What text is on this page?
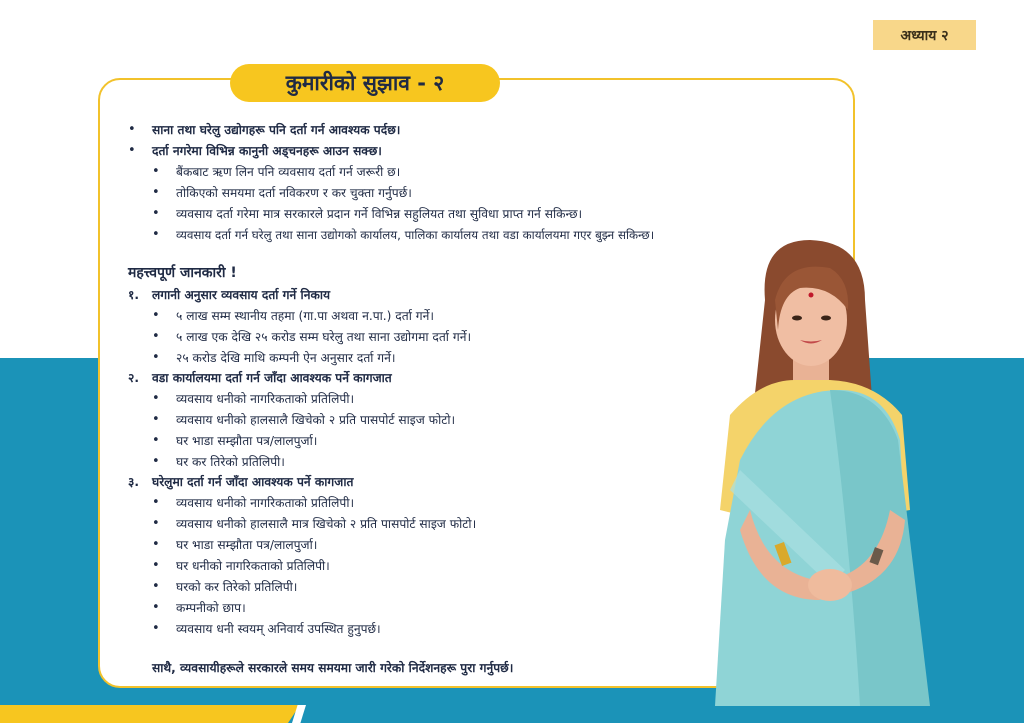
अध्याय २
कुमारीको सुझाव - २
• साना तथा घरेलु उद्योगहरू पनि दर्ता गर्न आवश्यक पर्दछ।
• दर्ता नगरेमा विभिन्न कानुनी अड्चनहरू आउन सक्छ।
• बैंकबाट ऋण लिन पनि व्यवसाय दर्ता गर्न जरूरी छ।
• तोकिएको समयमा दर्ता नविकरण र कर चुक्ता गर्नुपर्छ।
• व्यवसाय दर्ता गरेमा मात्र सरकारले प्रदान गर्ने विभिन्न सहुलियत तथा सुविधा प्राप्त गर्न सकिन्छ।
• व्यवसाय दर्ता गर्न घरेलु तथा साना उद्योगको कार्यालय, पालिका कार्यालय तथा वडा कार्यालयमा गएर बुझ्न सकिन्छ।
महत्त्वपूर्ण जानकारी !
१. लगानी अनुसार व्यवसाय दर्ता गर्ने निकाय
• ५ लाख सम्म स्थानीय तहमा (गा.पा अथवा न.पा.) दर्ता गर्ने।
• ५ लाख एक देखि २५ करोड सम्म घरेलु तथा साना उद्योगमा दर्ता गर्ने।
• २५ करोड देखि माथि कम्पनी ऐन अनुसार दर्ता गर्ने।
२. वडा कार्यालयमा दर्ता गर्न जाँदा आवश्यक पर्ने कागजात
• व्यवसाय धनीको नागरिकताको प्रतिलिपी।
• व्यवसाय धनीको हालसालै खिचेको २ प्रति पासपोर्ट साइज फोटो।
• घर भाडा सम्झौता पत्र/लालपुर्जा।
• घर कर तिरेको प्रतिलिपी।
३. घरेलुमा दर्ता गर्न जाँदा आवश्यक पर्ने कागजात
• व्यवसाय धनीको नागरिकताको प्रतिलिपी।
• व्यवसाय धनीको हालसालै मात्र खिचेको २ प्रति पासपोर्ट साइज फोटो।
• घर भाडा सम्झौता पत्र/लालपुर्जा।
• घर धनीको नागरिकताको प्रतिलिपी।
• घरको कर तिरेको प्रतिलिपी।
• कम्पनीको छाप।
• व्यवसाय धनी स्वयम् अनिवार्य उपस्थित हुनुपर्छ।
साथै, व्यवसायीहरूले सरकारले समय समयमा जारी गरेको निर्देशनहरू पुरा गर्नुपर्छ।
